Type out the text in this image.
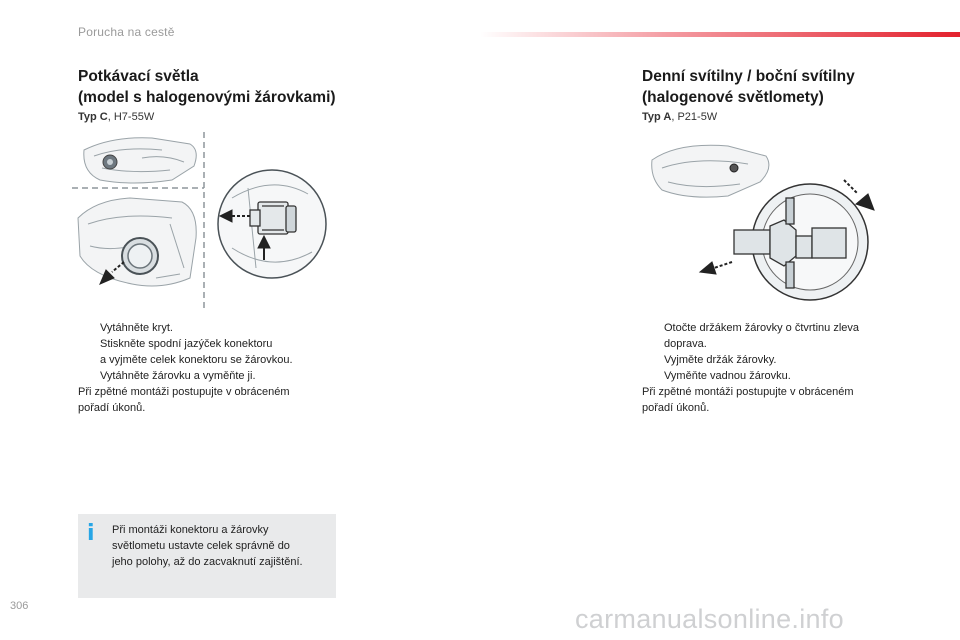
Porucha na cestě
Potkávací světla
(model s halogenovými žárovkami)
Typ C, H7-55W
Vytáhněte kryt.
Stiskněte spodní jazýček konektoru
a vyjměte celek konektoru se žárovkou.
Vytáhněte žárovku a vyměňte ji.
Při zpětné montáži postupujte v obráceném
pořadí úkonů.
i Při montáži konektoru a žárovky
světlometu ustavte celek správně do
jeho polohy, až do zacvaknutí zajištění.
Denní svítilny / boční svítilny
(halogenové světlomety)
Typ A, P21-5W
Otočte držákem žárovky o čtvrtinu zleva
doprava.
Vyjměte držák žárovky.
Vyměňte vadnou žárovku.
Při zpětné montáži postupujte v obráceném
pořadí úkonů.
306	carmanualsonline.info
